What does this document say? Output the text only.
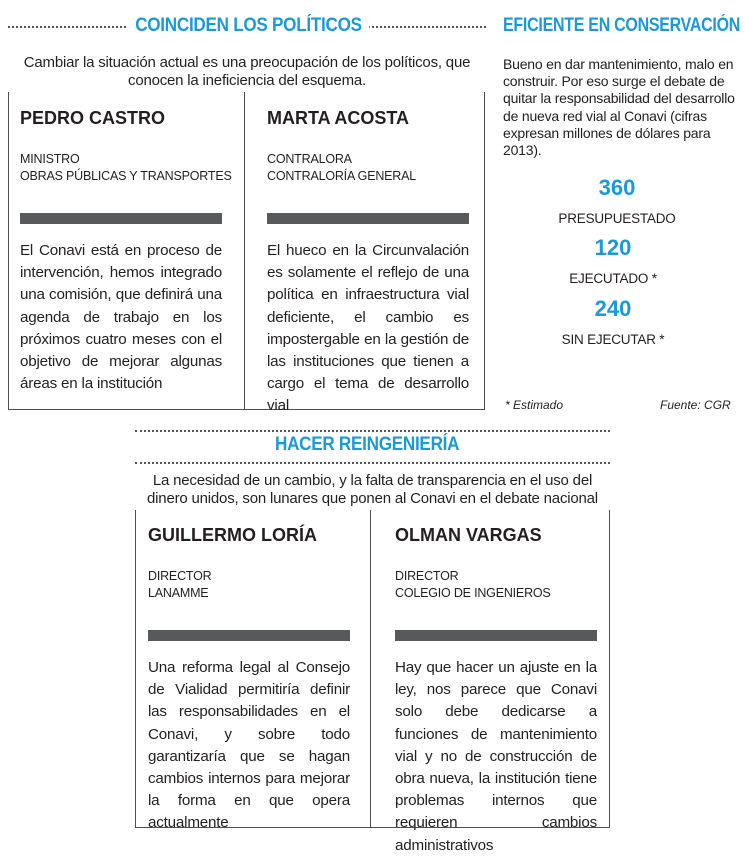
COINCIDEN LOS POLÍTICOS
Cambiar la situación actual es una preocupación de los políticos, que conocen la ineficiencia del esquema.
PEDRO CASTRO
MINISTRO
OBRAS PÚBLICAS Y TRANSPORTES
El Conavi está en proceso de intervención, hemos integrado una comisión, que definirá una agenda de trabajo en los próximos cuatro meses con el objetivo de mejorar algunas áreas en la institución
MARTA ACOSTA
CONTRALORA
CONTRALORÍA GENERAL
El hueco en la Circunvalación es solamente el reflejo de una política en infraestructura vial deficiente, el cambio es impostergable en la gestión de las instituciones que tienen a cargo el tema de desarrollo vial
EFICIENTE EN CONSERVACIÓN
Bueno en dar mantenimiento, malo en construir. Por eso surge el debate de quitar la responsabilidad del desarrollo de nueva red vial al Conavi (cifras expresan millones de dólares para 2013).
360
PRESUPUESTADO
120
EJECUTADO *
240
SIN EJECUTAR *
* Estimado	Fuente: CGR
HACER REINGENIERÍA
La necesidad de un cambio, y la falta de transparencia en el uso del dinero unidos, son lunares que ponen al Conavi en el debate nacional
GUILLERMO LORÍA
DIRECTOR
LANAMME
Una reforma legal al Consejo de Vialidad permitiría definir las responsabilidades en el Conavi, y sobre todo garantizaría que se hagan cambios internos para mejorar la forma en que opera actualmente
OLMAN VARGAS
DIRECTOR
COLEGIO DE INGENIEROS
Hay que hacer un ajuste en la ley, nos parece que Conavi solo debe dedicarse a funciones de mantenimiento vial y no de construcción de obra nueva, la institución tiene problemas internos que requieren cambios administrativos
